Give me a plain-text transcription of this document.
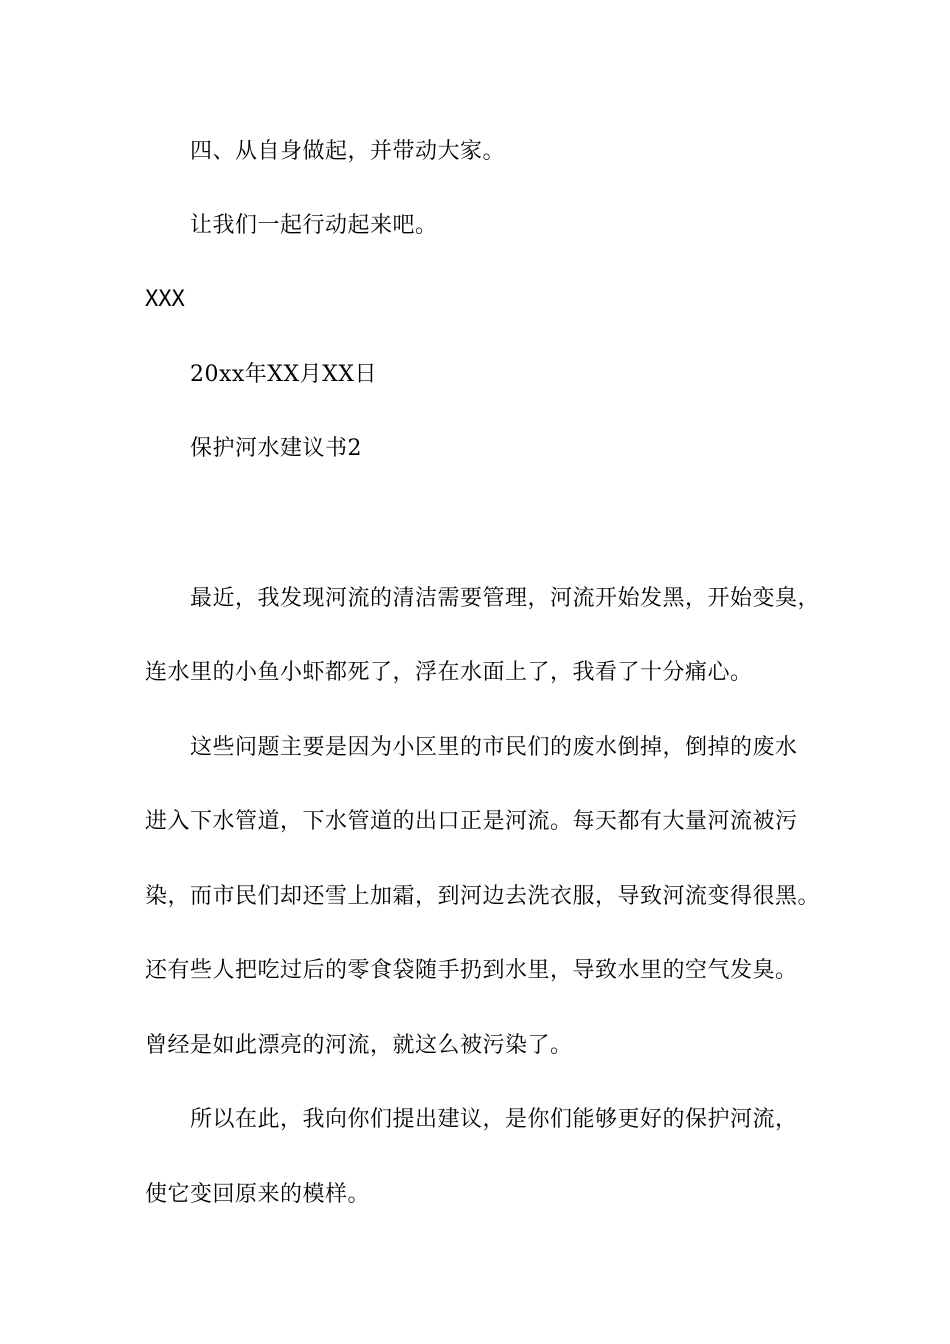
四、从自身做起，并带动大家。
让我们一起行动起来吧。
XXX
20xx年XX月XX日
保护河水建议书2
最近，我发现河流的清洁需要管理，河流开始发黑，开始变臭，
连水里的小鱼小虾都死了，浮在水面上了，我看了十分痛心。
这些问题主要是因为小区里的市民们的废水倒掉，倒掉的废水
进入下水管道，下水管道的出口正是河流。每天都有大量河流被污
染，而市民们却还雪上加霜，到河边去洗衣服，导致河流变得很黑。
还有些人把吃过后的零食袋随手扔到水里，导致水里的空气发臭。
曾经是如此漂亮的河流，就这么被污染了。
所以在此，我向你们提出建议，是你们能够更好的保护河流，
使它变回原来的模样。
